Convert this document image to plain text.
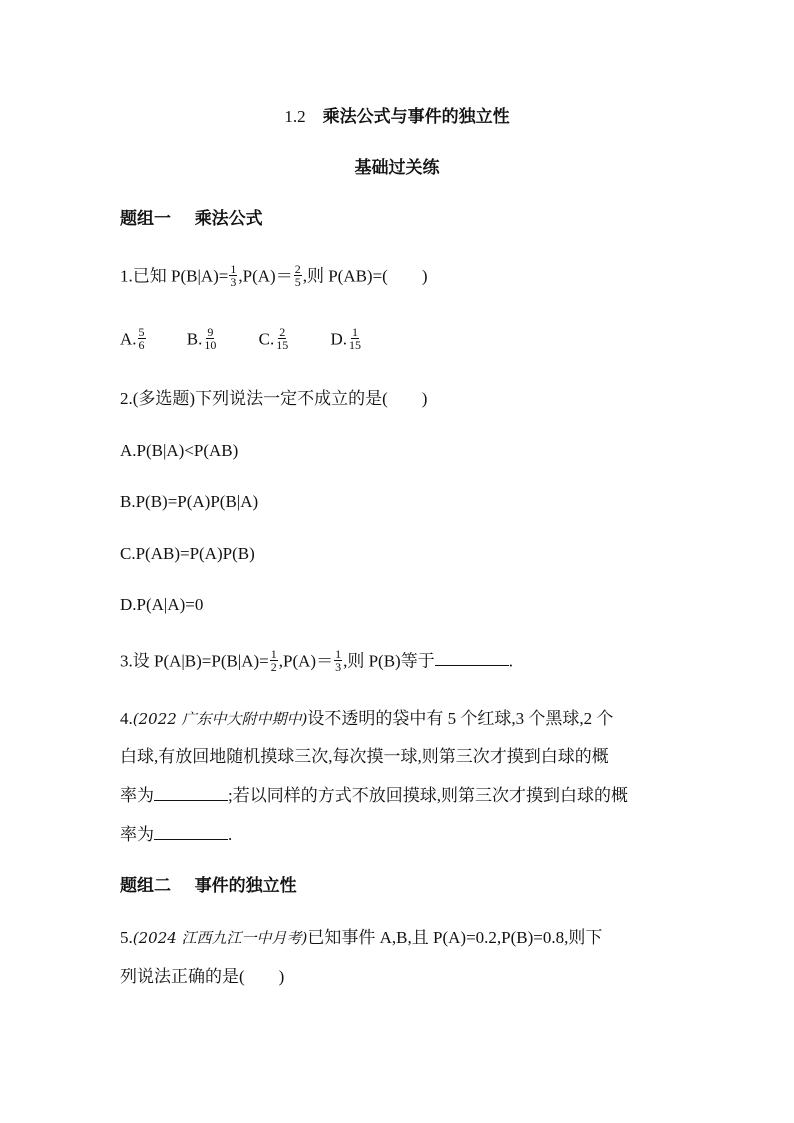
1.2 乘法公式与事件的独立性
基础过关练
题组一 乘法公式
1.已知 $P(B|A)= \frac{1}{3} ,P(A)= \frac{2}{5}$ ,则 P(AB)=(　　)
A. $\frac{5}{6} B$. $\frac{9}{10} C$. $\frac{2}{15} D$. $\frac{1}{15}$
2.(多选题)下列说法一定不成立的是(　　)
A.P(B|A)<P(AB)
B.P(B)=P(A)P(B|A)
C.P(AB)=P(A)P(B)
D.P(A|A)=0
3.设 $P(A|B)=P(B|A)= \frac{1}{2} ,P(A)= \frac{1}{3}$ ,则 P(B)等于	.
4.(2022 广东中大附中期中)设不透明的袋中有 5 个红球,3 个黑球,2 个
白球,有放回地随机摸球三次,每次摸一球,则第三次才摸到白球的概
率为	;若以同样的方式不放回摸球,则第三次才摸到白球的概
率为	.
题组二 事件的独立性
5.(2024 江西九江一中月考)已知事件 A,B,且 P(A)=0.2,P(B)=0.8,则下
列说法正确的是(　　)
